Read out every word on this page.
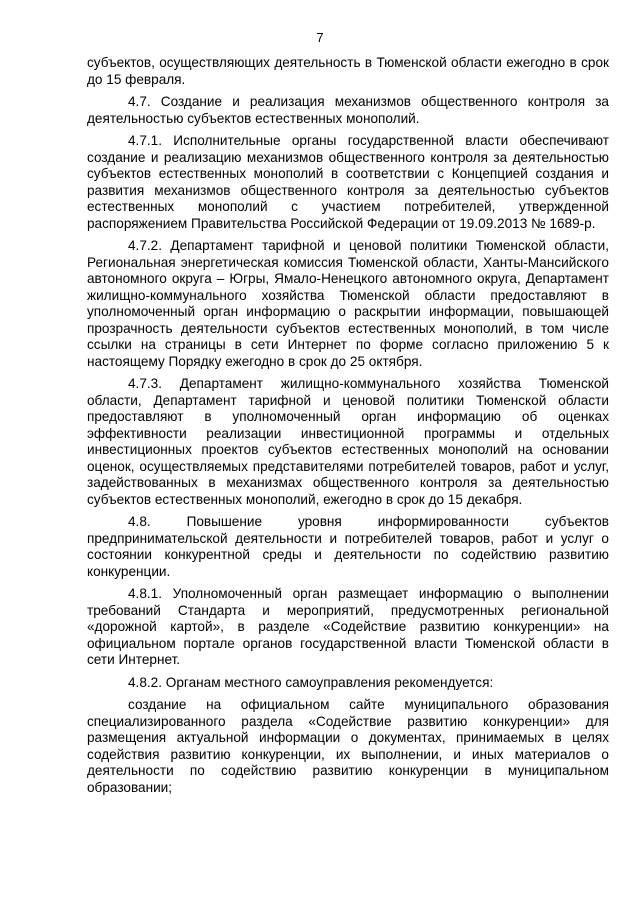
7

субъектов, осуществляющих деятельность в Тюменской области ежегодно в срок до 15 февраля.

4.7. Создание и реализация механизмов общественного контроля за деятельностью субъектов естественных монополий.

4.7.1. Исполнительные органы государственной власти обеспечивают создание и реализацию механизмов общественного контроля за деятельностью субъектов естественных монополий в соответствии с Концепцией создания и развития механизмов общественного контроля за деятельностью субъектов естественных монополий с участием потребителей, утвержденной распоряжением Правительства Российской Федерации от 19.09.2013 № 1689-р.

4.7.2. Департамент тарифной и ценовой политики Тюменской области, Региональная энергетическая комиссия Тюменской области, Ханты-Мансийского автономного округа – Югры, Ямало-Ненецкого автономного округа, Департамент жилищно-коммунального хозяйства Тюменской области предоставляют в уполномоченный орган информацию о раскрытии информации, повышающей прозрачность деятельности субъектов естественных монополий, в том числе ссылки на страницы в сети Интернет по форме согласно приложению 5 к настоящему Порядку ежегодно в срок до 25 октября.

4.7.3. Департамент жилищно-коммунального хозяйства Тюменской области, Департамент тарифной и ценовой политики Тюменской области предоставляют в уполномоченный орган информацию об оценках эффективности реализации инвестиционной программы и отдельных инвестиционных проектов субъектов естественных монополий на основании оценок, осуществляемых представителями потребителей товаров, работ и услуг, задействованных в механизмах общественного контроля за деятельностью субъектов естественных монополий, ежегодно в срок до 15 декабря.

4.8. Повышение уровня информированности субъектов предпринимательской деятельности и потребителей товаров, работ и услуг о состоянии конкурентной среды и деятельности по содействию развитию конкуренции.

4.8.1. Уполномоченный орган размещает информацию о выполнении требований Стандарта и мероприятий, предусмотренных региональной «дорожной картой», в разделе «Содействие развитию конкуренции» на официальном портале органов государственной власти Тюменской области в сети Интернет.

4.8.2. Органам местного самоуправления рекомендуется:

создание на официальном сайте муниципального образования специализированного раздела «Содействие развитию конкуренции» для размещения актуальной информации о документах, принимаемых в целях содействия развитию конкуренции, их выполнении, и иных материалов о деятельности по содействию развитию конкуренции в муниципальном образовании;
